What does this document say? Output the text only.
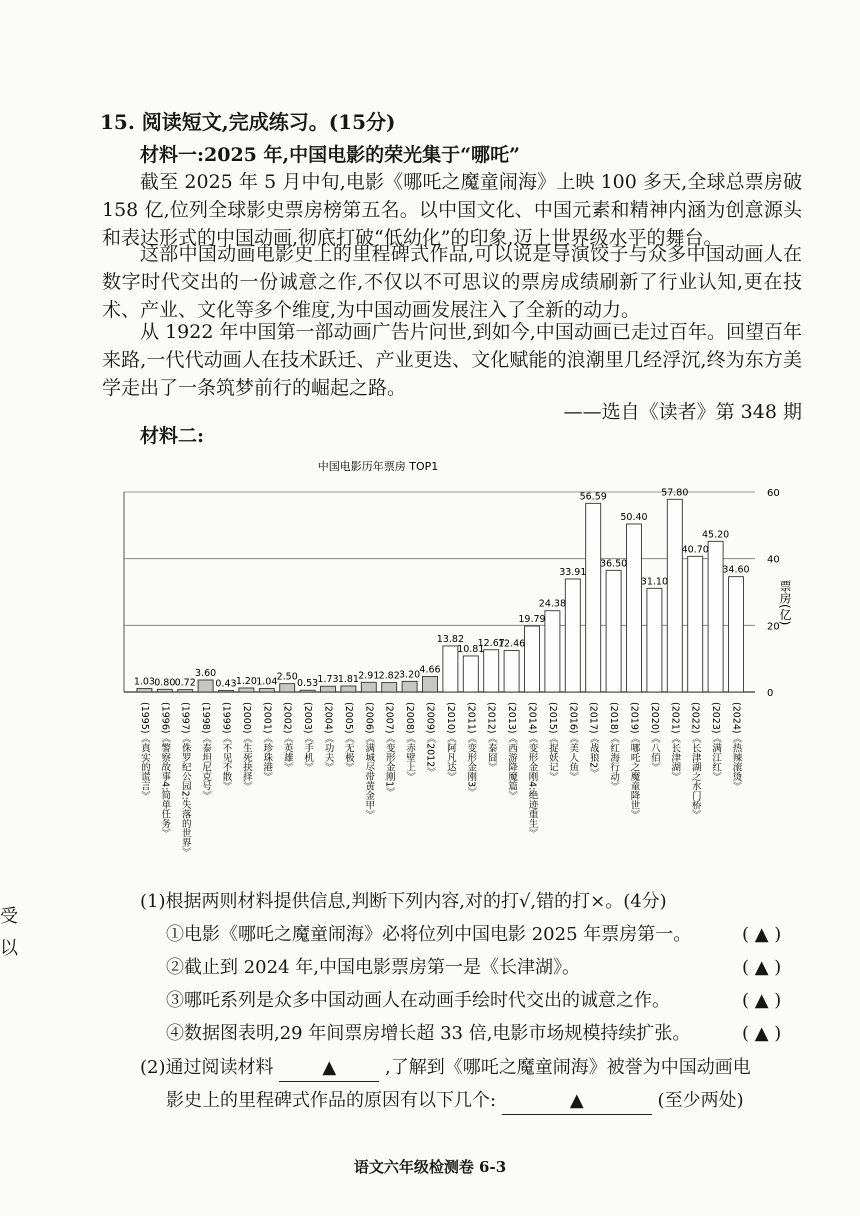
受
以
15. 阅读短文,完成练习。(15分)
材料一:2025 年,中国电影的荣光集于“哪吒”
截至 2025 年 5 月中旬,电影《哪吒之魔童闹海》上映 100 多天,全球总票房破158 亿,位列全球影史票房榜第五名。以中国文化、中国元素和精神内涵为创意源头和表达形式的中国动画,彻底打破“低幼化”的印象,迈上世界级水平的舞台。
这部中国动画电影史上的里程碑式作品,可以说是导演饺子与众多中国动画人在数字时代交出的一份诚意之作,不仅以不可思议的票房成绩刷新了行业认知,更在技术、产业、文化等多个维度,为中国动画发展注入了全新的动力。
从 1922 年中国第一部动画广告片问世,到如今,中国动画已走过百年。回望百年来路,一代代动画人在技术跃迁、产业更迭、文化赋能的浪潮里几经浮沉,终为东方美学走出了一条筑梦前行的崛起之路。
——选自《读者》第 348 期
材料二:
中国电影历年票房 TOP1
1.03 0.80 0.72
3.60
0.43 1.20 1.04 2.50
0.53 1.73 1.81 2.91 2.82 3.20 4.66
13.82
10.81
12.67
12.46
19.79
24.38
33.91
56.59
36.50
50.40
31.10
57.80
40.70
45.20
34.60
(1995)《真实的谎言》 (1996)《警察故事4:简单任务》 (1997)《侏罗纪公园2:失落的世界》 (1998)《泰坦尼克号》 (1999)《不见不散》 (2000)《生死抉择》 (2001)《珍珠港》 (2002)《英雄》 (2003)《手机》 (2004)《功夫》 (2005)《无极》 (2006)《满城尽带黄金甲》 (2007)《变形金刚1》 (2008)《赤壁上》 (2009)《2012》 (2010)《阿凡达》 (2011)《变形金刚3》 (2012)《泰囧》 (2013)《西游降魔篇》 (2014)《变形金刚4:绝迹重生》 (2015)《捉妖记》 (2016)《美人鱼》 (2017)《战狼2》 (2018)《红海行动》 (2019)《哪吒之魔童降世》 (2020)《八佰》 (2021)《长津湖》 (2022)《长津湖之水门桥》 (2023)《满江红》 (2024)《热辣滚烫》
0
20
40
60
票房(亿)
(1)根据两则材料提供信息,判断下列内容,对的打√,错的打×。(4分)
①电影《哪吒之魔童闹海》必将位列中国电影 2025 年票房第一。	( ▲ )
②截止到 2024 年,中国电影票房第一是《长津湖》。	( ▲ )
③哪吒系列是众多中国动画人在动画手绘时代交出的诚意之作。	( ▲ )
④数据图表明,29 年间票房增长超 33 倍,电影市场规模持续扩张。	( ▲ )
(2)通过阅读材料	▲	,了解到《哪吒之魔童闹海》被誉为中国动画电
影史上的里程碑式作品的原因有以下几个:	▲	(至少两处)
语文六年级检测卷 6-3
